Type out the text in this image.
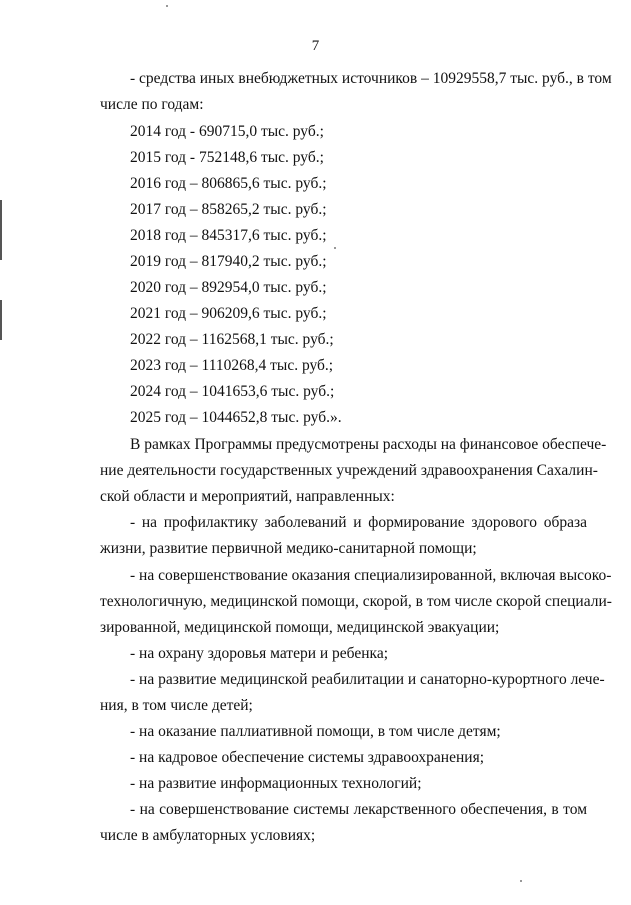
7
- средства иных внебюджетных источников – 10929558,7 тыс. руб., в том
числе по годам:
2014 год - 690715,0 тыс. руб.;
2015 год - 752148,6 тыс. руб.;
2016 год – 806865,6 тыс. руб.;
2017 год – 858265,2 тыс. руб.;
2018 год – 845317,6 тыс. руб.;
2019 год – 817940,2 тыс. руб.;
2020 год – 892954,0 тыс. руб.;
2021 год – 906209,6 тыс. руб.;
2022 год – 1162568,1 тыс. руб.;
2023 год – 1110268,4 тыс. руб.;
2024 год – 1041653,6 тыс. руб.;
2025 год – 1044652,8 тыс. руб.».
В рамках Программы предусмотрены расходы на финансовое обеспече-
ние деятельности государственных учреждений здравоохранения Сахалин-
ской области и мероприятий, направленных:
- на профилактику заболеваний и формирование здорового образа
жизни, развитие первичной медико-санитарной помощи;
- на совершенствование оказания специализированной, включая высоко-
технологичную, медицинской помощи, скорой, в том числе скорой специали-
зированной, медицинской помощи, медицинской эвакуации;
- на охрану здоровья матери и ребенка;
- на развитие медицинской реабилитации и санаторно-курортного лече-
ния, в том числе детей;
- на оказание паллиативной помощи, в том числе детям;
- на кадровое обеспечение системы здравоохранения;
- на развитие информационных технологий;
- на совершенствование системы лекарственного обеспечения, в том
числе в амбулаторных условиях;
